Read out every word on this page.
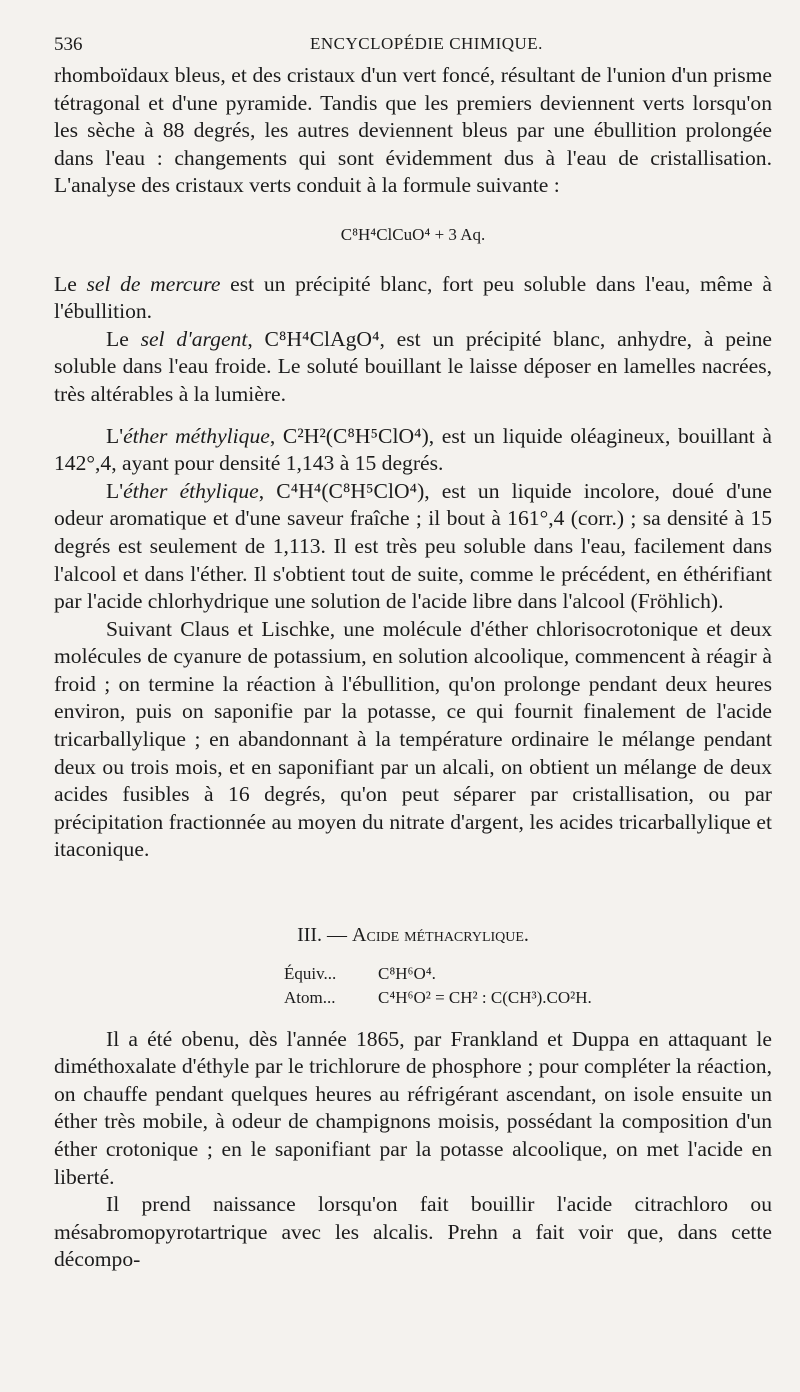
536	ENCYCLOPÉDIE CHIMIQUE.

rhomboïdaux bleus, et des cristaux d'un vert foncé, résultant de l'union d'un prisme tétragonal et d'une pyramide. Tandis que les premiers deviennent verts lorsqu'on les sèche à 88 degrés, les autres deviennent bleus par une ébullition prolongée dans l'eau : changements qui sont évidemment dus à l'eau de cristallisation. L'analyse des cristaux verts conduit à la formule suivante :

C⁸H⁴ClCuO⁴ + 3 Aq.

Le sel de mercure est un précipité blanc, fort peu soluble dans l'eau, même à l'ébullition.

Le sel d'argent, C⁸H⁴ClAgO⁴, est un précipité blanc, anhydre, à peine soluble dans l'eau froide. Le soluté bouillant le laisse déposer en lamelles nacrées, très altérables à la lumière.

L'éther méthylique, C²H²(C⁸H⁵ClO⁴), est un liquide oléagineux, bouillant à 142°,4, ayant pour densité 1,143 à 15 degrés.

L'éther éthylique, C⁴H⁴(C⁸H⁵ClO⁴), est un liquide incolore, doué d'une odeur aromatique et d'une saveur fraîche ; il bout à 161°,4 (corr.) ; sa densité à 15 degrés est seulement de 1,113. Il est très peu soluble dans l'eau, facilement dans l'alcool et dans l'éther. Il s'obtient tout de suite, comme le précédent, en éthérifiant par l'acide chlorhydrique une solution de l'acide libre dans l'alcool (Fröhlich).

Suivant Claus et Lischke, une molécule d'éther chlorisocrotonique et deux molécules de cyanure de potassium, en solution alcoolique, commencent à réagir à froid ; on termine la réaction à l'ébullition, qu'on prolonge pendant deux heures environ, puis on saponifie par la potasse, ce qui fournit finalement de l'acide tricarballylique ; en abandonnant à la température ordinaire le mélange pendant deux ou trois mois, et en saponifiant par un alcali, on obtient un mélange de deux acides fusibles à 16 degrés, qu'on peut séparer par cristallisation, ou par précipitation fractionnée au moyen du nitrate d'argent, les acides tricarballylique et itaconique.

III. — Acide méthacrylique.

Équiv... C⁸H⁶O⁴.
Atom...	C⁴H⁶O² = CH² : C(CH³).CO²H.

Il a été obenu, dès l'année 1865, par Frankland et Duppa en attaquant le diméthoxalate d'éthyle par le trichlorure de phosphore ; pour compléter la réaction, on chauffe pendant quelques heures au réfrigérant ascendant, on isole ensuite un éther très mobile, à odeur de champignons moisis, possédant la composition d'un éther crotonique ; en le saponifiant par la potasse alcoolique, on met l'acide en liberté.

Il prend naissance lorsqu'on fait bouillir l'acide citrachloro ou mésabromopyrotartrique avec les alcalis. Prehn a fait voir que, dans cette décompo-
